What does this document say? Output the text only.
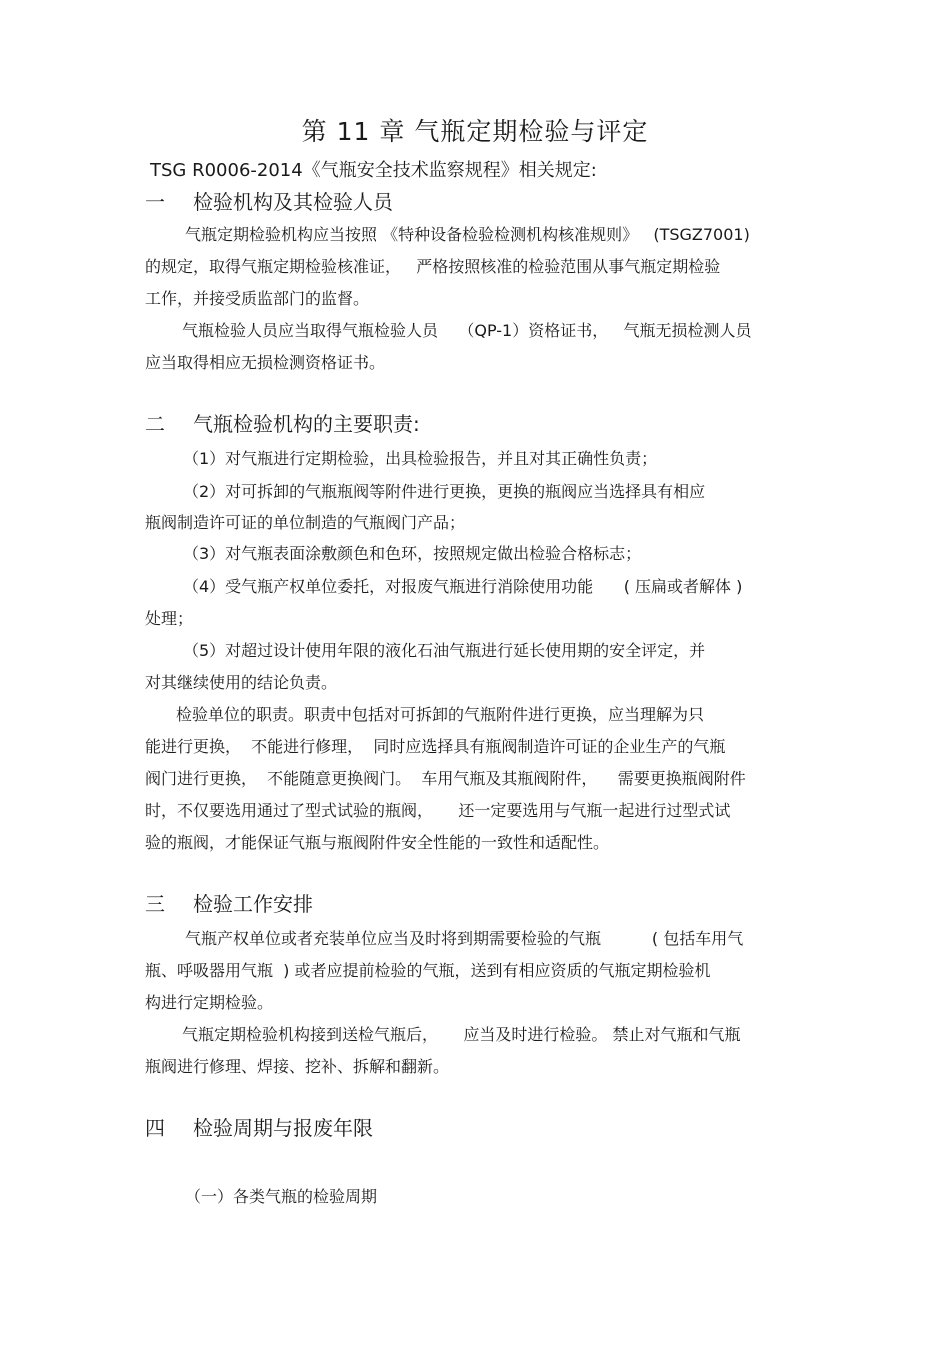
第 11 章 气瓶定期检验与评定

TSG R0006-2014《气瓶安全技术监察规程》相关规定:

一 检验机构及其检验人员

气瓶定期检验机构应当按照 《特种设备检验检测机构核准规则》   (TSGZ7001)

的规定，取得气瓶定期检验核准证，   严格按照核准的检验范围从事气瓶定期检验

工作，并接受质监部门的监督。

气瓶检验人员应当取得气瓶检验人员    （QP-1）资格证书，   气瓶无损检测人员

应当取得相应无损检测资格证书。

二 气瓶检验机构的主要职责:

（1）对气瓶进行定期检验，出具检验报告，并且对其正确性负责；

（2）对可拆卸的气瓶瓶阀等附件进行更换，更换的瓶阀应当选择具有相应

瓶阀制造许可证的单位制造的气瓶阀门产品；

（3）对气瓶表面涂敷颜色和色环，按照规定做出检验合格标志；

（4）受气瓶产权单位委托，对报废气瓶进行消除使用功能      ( 压扁或者解体 )

处理；

（5）对超过设计使用年限的液化石油气瓶进行延长使用期的安全评定，并

对其继续使用的结论负责。

检验单位的职责。职责中包括对可拆卸的气瓶附件进行更换，应当理解为只

能进行更换，  不能进行修理，  同时应选择具有瓶阀制造许可证的企业生产的气瓶

阀门进行更换，  不能随意更换阀门。  车用气瓶及其瓶阀附件，    需要更换瓶阀附件

时，不仅要选用通过了型式试验的瓶阀，     还一定要选用与气瓶一起进行过型式试

验的瓶阀，才能保证气瓶与瓶阀附件安全性能的一致性和适配性。

三 检验工作安排

气瓶产权单位或者充装单位应当及时将到期需要检验的气瓶          ( 包括车用气

瓶、呼吸器用气瓶  ) 或者应提前检验的气瓶，送到有相应资质的气瓶定期检验机

构进行定期检验。

气瓶定期检验机构接到送检气瓶后，     应当及时进行检验。 禁止对气瓶和气瓶

瓶阀进行修理、焊接、挖补、拆解和翻新。

四 检验周期与报废年限

（一）各类气瓶的检验周期
